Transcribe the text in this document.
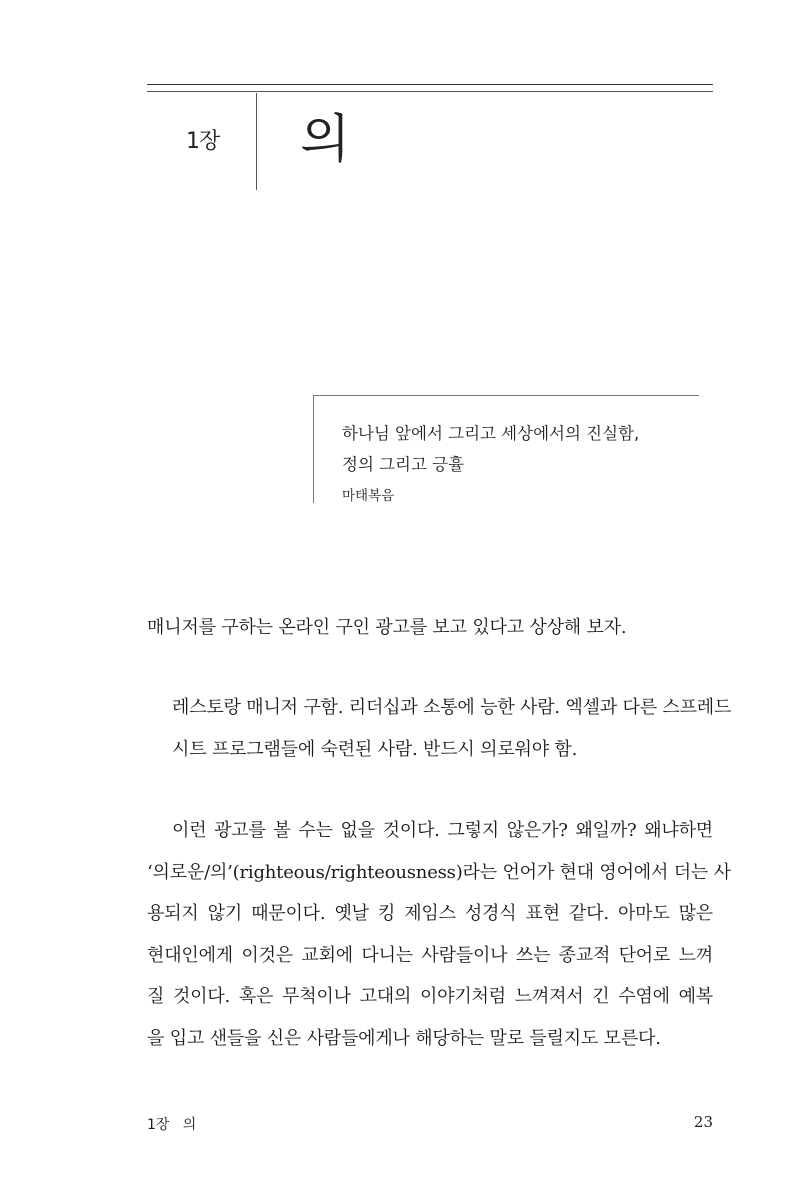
1장 의
하나님 앞에서 그리고 세상에서의 진실함,
정의 그리고 긍휼
마태복음
매니저를 구하는 온라인 구인 광고를 보고 있다고 상상해 보자.
레스토랑 매니저 구함. 리더십과 소통에 능한 사람. 엑셀과 다른 스프레드
시트 프로그램들에 숙련된 사람. 반드시 의로워야 함.
이런 광고를 볼 수는 없을 것이다. 그렇지 않은가? 왜일까? 왜냐하면
‘의로운/의’(righteous/righteousness)라는 언어가 현대 영어에서 더는 사
용되지 않기 때문이다. 옛날 킹 제임스 성경식 표현 같다. 아마도 많은
현대인에게 이것은 교회에 다니는 사람들이나 쓰는 종교적 단어로 느껴
질 것이다. 혹은 무척이나 고대의 이야기처럼 느껴져서 긴 수염에 예복
을 입고 샌들을 신은 사람들에게나 해당하는 말로 들릴지도 모른다.
1장   의	23
